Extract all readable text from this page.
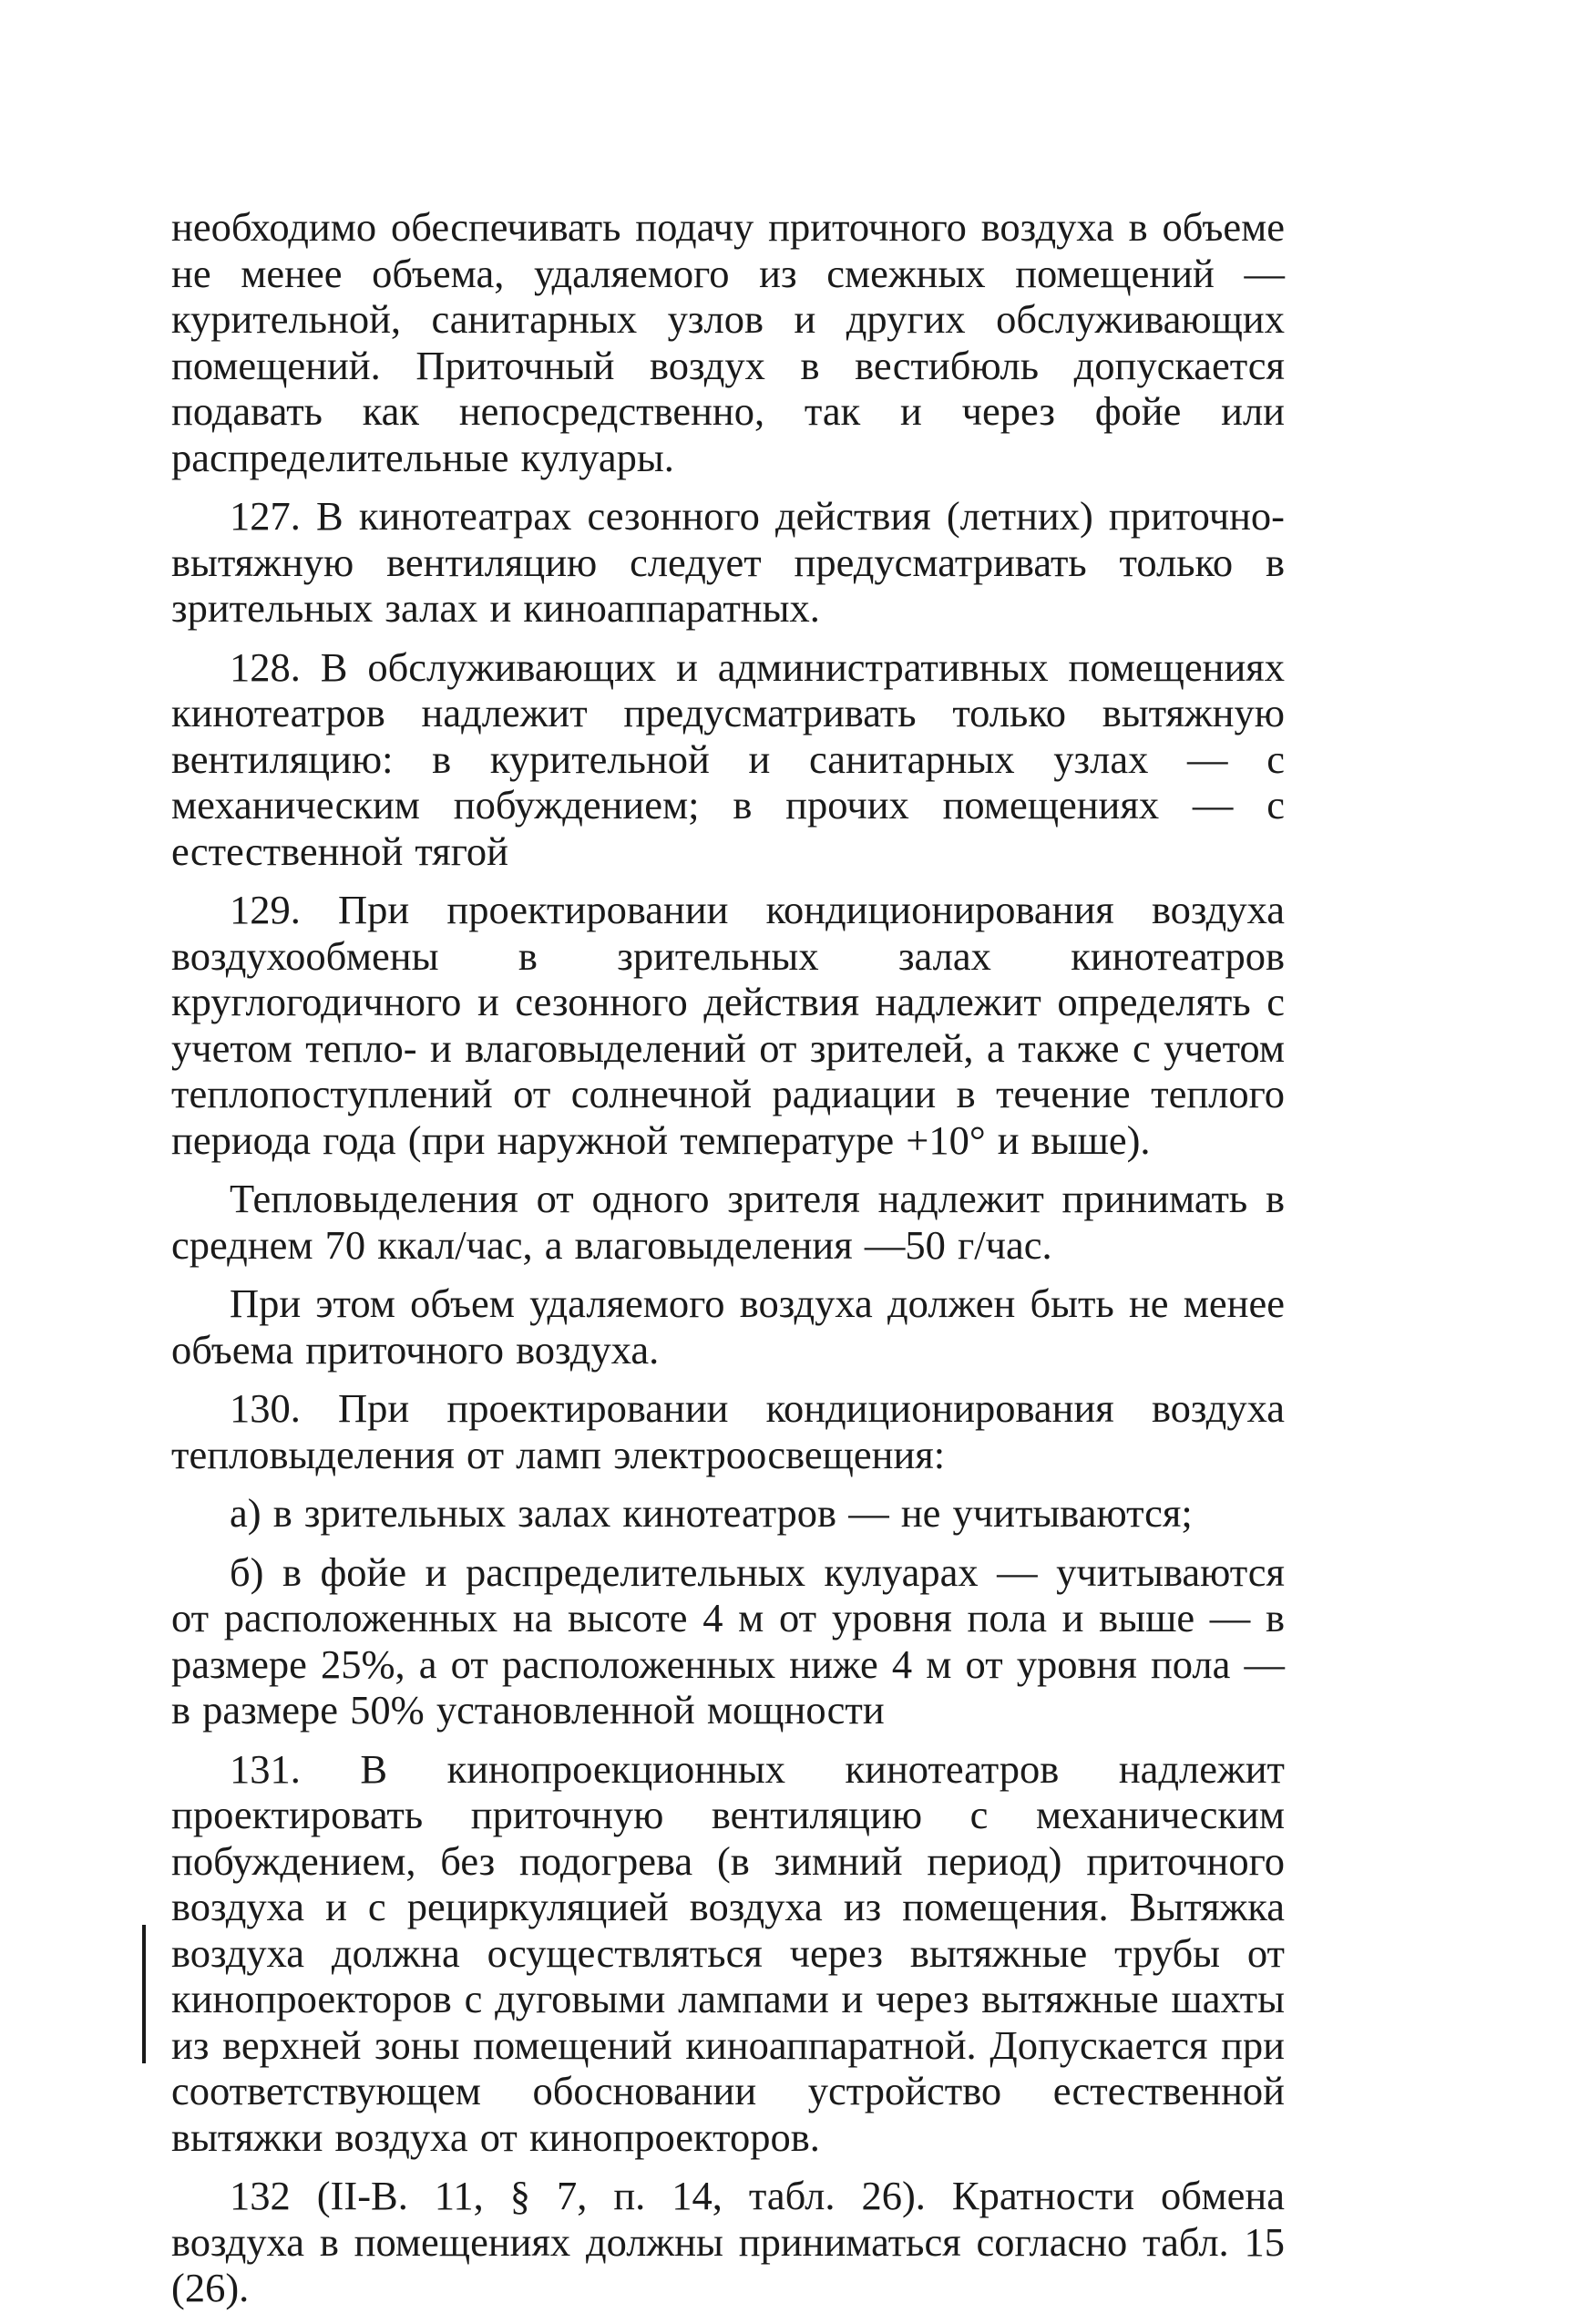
необходимо обеспечивать подачу приточного воздуха в объеме не менее объема, удаляемого из смежных помещений — курительной, санитарных узлов и других обслуживающих помещений. Приточный воздух в вестибюль допускается подавать как непосредственно, так и через фойе или распределительные кулуары.

127. В кинотеатрах сезонного действия (летних) приточно-вытяжную вентиляцию следует предусматривать только в зрительных залах и киноаппаратных.

128. В обслуживающих и административных помещениях кинотеатров надлежит предусматривать только вытяжную вентиляцию: в курительной и санитарных узлах — с механическим побуждением; в прочих помещениях — с естественной тягой

129. При проектировании кондиционирования воздуха воздухообмены в зрительных залах кинотеатров круглогодичного и сезонного действия надлежит определять с учетом тепло- и влаговыделений от зрителей, а также с учетом теплопоступлений от солнечной радиации в течение теплого периода года (при наружной температуре +10° и выше).

Тепловыделения от одного зрителя надлежит принимать в среднем 70 ккал/час, а влаговыделения —50 г/час.

При этом объем удаляемого воздуха должен быть не менее объема приточного воздуха.

130. При проектировании кондиционирования воздуха тепловыделения от ламп электроосвещения:

а) в зрительных залах кинотеатров — не учитываются;

б) в фойе и распределительных кулуарах — учитываются от расположенных на высоте 4 м от уровня пола и выше — в размере 25%, а от расположенных ниже 4 м от уровня пола — в размере 50% установленной мощности

131. В кинопроекционных кинотеатров надлежит проектировать приточную вентиляцию с механическим побуждением, без подогрева (в зимний период) приточного воздуха и с рециркуляцией воздуха из помещения. Вытяжка воздуха должна осуществляться через вытяжные трубы от кинопроекторов с дуговыми лампами и через вытяжные шахты из верхней зоны помещений киноаппаратной. Допускается при соответствующем обосновании устройство естественной вытяжки воздуха от кинопроекторов.

132 (II-В. 11, § 7, п. 14, табл. 26). Кратности обмена воздуха в помещениях должны приниматься согласно табл. 15 (26).
